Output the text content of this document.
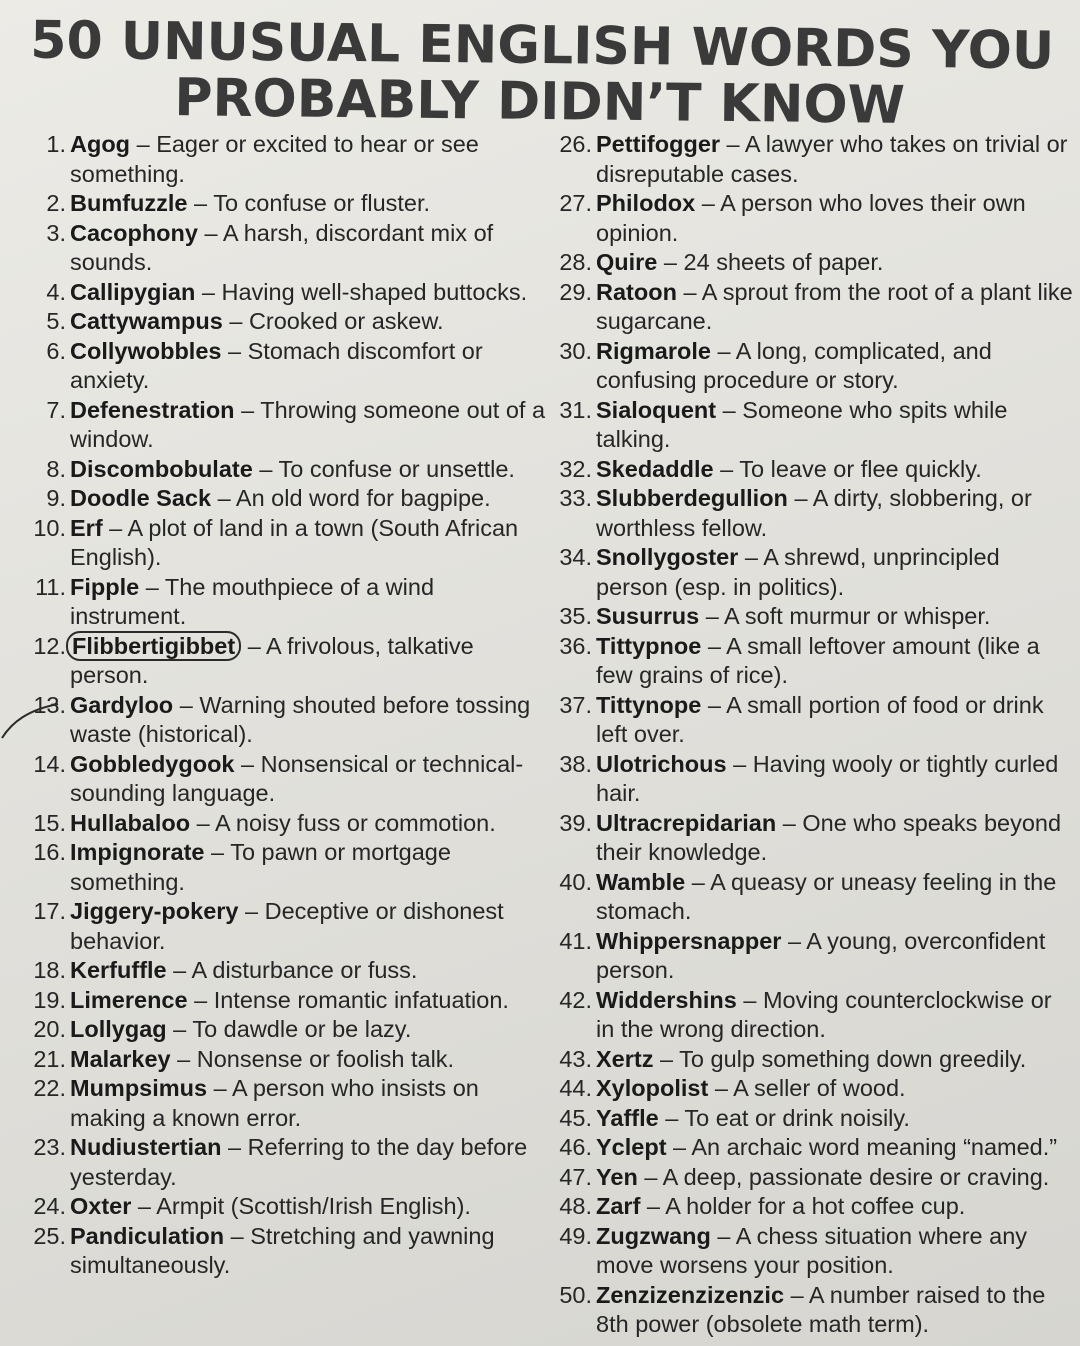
50 UNUSUAL ENGLISH WORDS YOU
PROBABLY DIDN’T KNOW
1. Agog – Eager or excited to hear or see something.
2. Bumfuzzle – To confuse or fluster.
3. Cacophony – A harsh, discordant mix of sounds.
4. Callipygian – Having well-shaped buttocks.
5. Cattywampus – Crooked or askew.
6. Collywobbles – Stomach discomfort or anxiety.
7. Defenestration – Throwing someone out of a window.
8. Discombobulate – To confuse or unsettle.
9. Doodle Sack – An old word for bagpipe.
10. Erf – A plot of land in a town (South African English).
11. Fipple – The mouthpiece of a wind instrument.
12. Flibbertigibbet – A frivolous, talkative person.
13. Gardyloo – Warning shouted before tossing waste (historical).
14. Gobbledygook – Nonsensical or technical-sounding language.
15. Hullabaloo – A noisy fuss or commotion.
16. Impignorate – To pawn or mortgage something.
17. Jiggery-pokery – Deceptive or dishonest behavior.
18. Kerfuffle – A disturbance or fuss.
19. Limerence – Intense romantic infatuation.
20. Lollygag – To dawdle or be lazy.
21. Malarkey – Nonsense or foolish talk.
22. Mumpsimus – A person who insists on making a known error.
23. Nudiustertian – Referring to the day before yesterday.
24. Oxter – Armpit (Scottish/Irish English).
25. Pandiculation – Stretching and yawning simultaneously.
26. Pettifogger – A lawyer who takes on trivial or disreputable cases.
27. Philodox – A person who loves their own opinion.
28. Quire – 24 sheets of paper.
29. Ratoon – A sprout from the root of a plant like sugarcane.
30. Rigmarole – A long, complicated, and confusing procedure or story.
31. Sialoquent – Someone who spits while talking.
32. Skedaddle – To leave or flee quickly.
33. Slubberdegullion – A dirty, slobbering, or worthless fellow.
34. Snollygoster – A shrewd, unprincipled person (esp. in politics).
35. Susurrus – A soft murmur or whisper.
36. Tittypnoe – A small leftover amount (like a few grains of rice).
37. Tittynope – A small portion of food or drink left over.
38. Ulotrichous – Having wooly or tightly curled hair.
39. Ultracrepidarian – One who speaks beyond their knowledge.
40. Wamble – A queasy or uneasy feeling in the stomach.
41. Whippersnapper – A young, overconfident person.
42. Widdershins – Moving counterclockwise or in the wrong direction.
43. Xertz – To gulp something down greedily.
44. Xylopolist – A seller of wood.
45. Yaffle – To eat or drink noisily.
46. Yclept – An archaic word meaning “named.”
47. Yen – A deep, passionate desire or craving.
48. Zarf – A holder for a hot coffee cup.
49. Zugzwang – A chess situation where any move worsens your position.
50. Zenzizenzizenzic – A number raised to the 8th power (obsolete math term).
